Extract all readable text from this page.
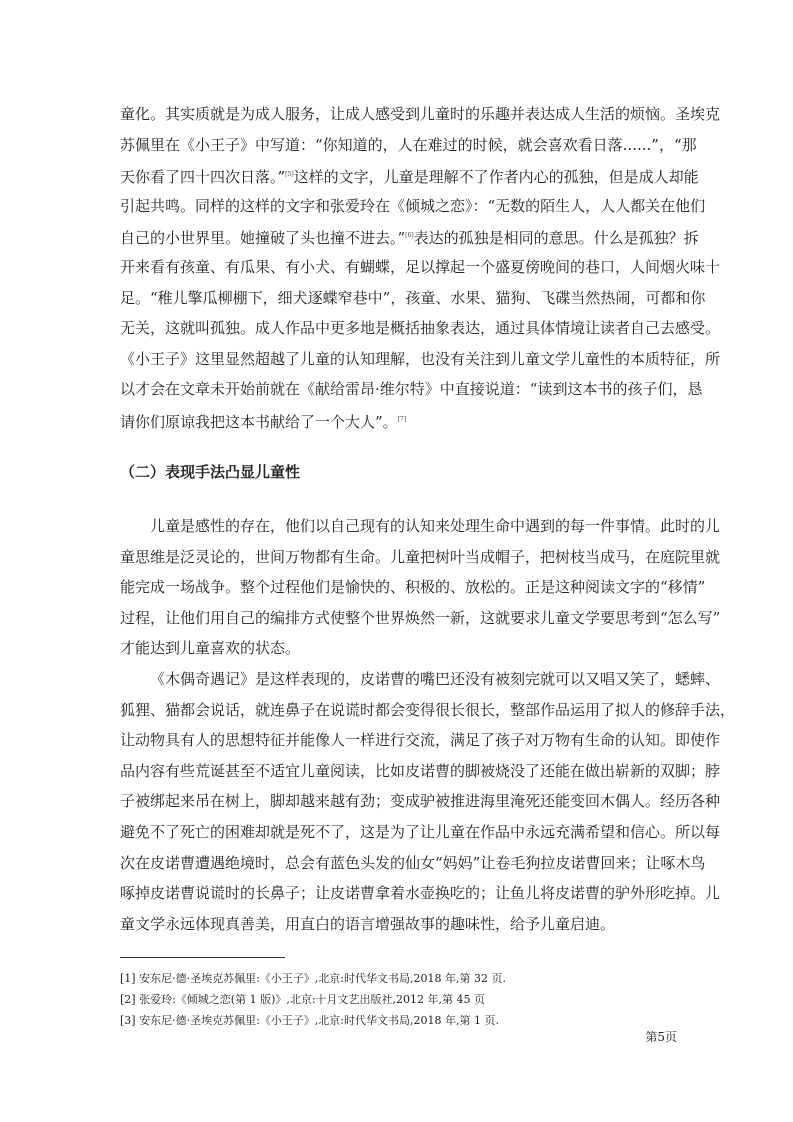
童化。其实质就是为成人服务，让成人感受到儿童时的乐趣并表达成人生活的烦恼。圣埃克
苏佩里在《小王子》中写道：“你知道的，人在难过的时候，就会喜欢看日落......”，“那
天你看了四十四次日落。”[5]这样的文字，儿童是理解不了作者内心的孤独，但是成人却能
引起共鸣。同样的这样的文字和张爱玲在《倾城之恋》：“无数的陌生人，人人都关在他们
自己的小世界里。她撞破了头也撞不进去。”[6]表达的孤独是相同的意思。什么是孤独？拆
开来看有孩童、有瓜果、有小犬、有蝴蝶，足以撑起一个盛夏傍晚间的巷口，人间烟火味十
足。“稚儿擎瓜柳棚下，细犬逐蝶窄巷中”，孩童、水果、猫狗、飞碟当然热闹，可都和你
无关，这就叫孤独。成人作品中更多地是概括抽象表达，通过具体情境让读者自己去感受。
《小王子》这里显然超越了儿童的认知理解，也没有关注到儿童文学儿童性的本质特征，所
以才会在文章未开始前就在《献给雷昂·维尔特》中直接说道：“读到这本书的孩子们，恳
请你们原谅我把这本书献给了一个大人”。[7]
（二）表现手法凸显儿童性
儿童是感性的存在，他们以自己现有的认知来处理生命中遇到的每一件事情。此时的儿
童思维是泛灵论的，世间万物都有生命。儿童把树叶当成帽子，把树枝当成马，在庭院里就
能完成一场战争。整个过程他们是愉快的、积极的、放松的。正是这种阅读文字的“移情”
过程，让他们用自己的编排方式使整个世界焕然一新，这就要求儿童文学要思考到“怎么写”
才能达到儿童喜欢的状态。
《木偶奇遇记》是这样表现的，皮诺曹的嘴巴还没有被刻完就可以又唱又笑了，蟋蟀、
狐狸、猫都会说话，就连鼻子在说谎时都会变得很长很长，整部作品运用了拟人的修辞手法，
让动物具有人的思想特征并能像人一样进行交流，满足了孩子对万物有生命的认知。即使作
品内容有些荒诞甚至不适宜儿童阅读，比如皮诺曹的脚被烧没了还能在做出崭新的双脚；脖
子被绑起来吊在树上，脚却越来越有劲；变成驴被推进海里淹死还能变回木偶人。经历各种
避免不了死亡的困难却就是死不了，这是为了让儿童在作品中永远充满希望和信心。所以每
次在皮诺曹遭遇绝境时，总会有蓝色头发的仙女“妈妈”让卷毛狗拉皮诺曹回来；让啄木鸟
啄掉皮诺曹说谎时的长鼻子；让皮诺曹拿着水壶换吃的；让鱼儿将皮诺曹的驴外形吃掉。儿
童文学永远体现真善美，用直白的语言增强故事的趣味性，给予儿童启迪。
[1] 安东尼·德·圣埃克苏佩里:《小王子》,北京:时代华文书局,2018 年,第 32 页.
[2] 张爱玲:《倾城之恋(第 1 版)》,北京:十月文艺出版社,2012 年,第 45 页
[3] 安东尼·德·圣埃克苏佩里:《小王子》,北京:时代华文书局,2018 年,第 1 页.
第5页
